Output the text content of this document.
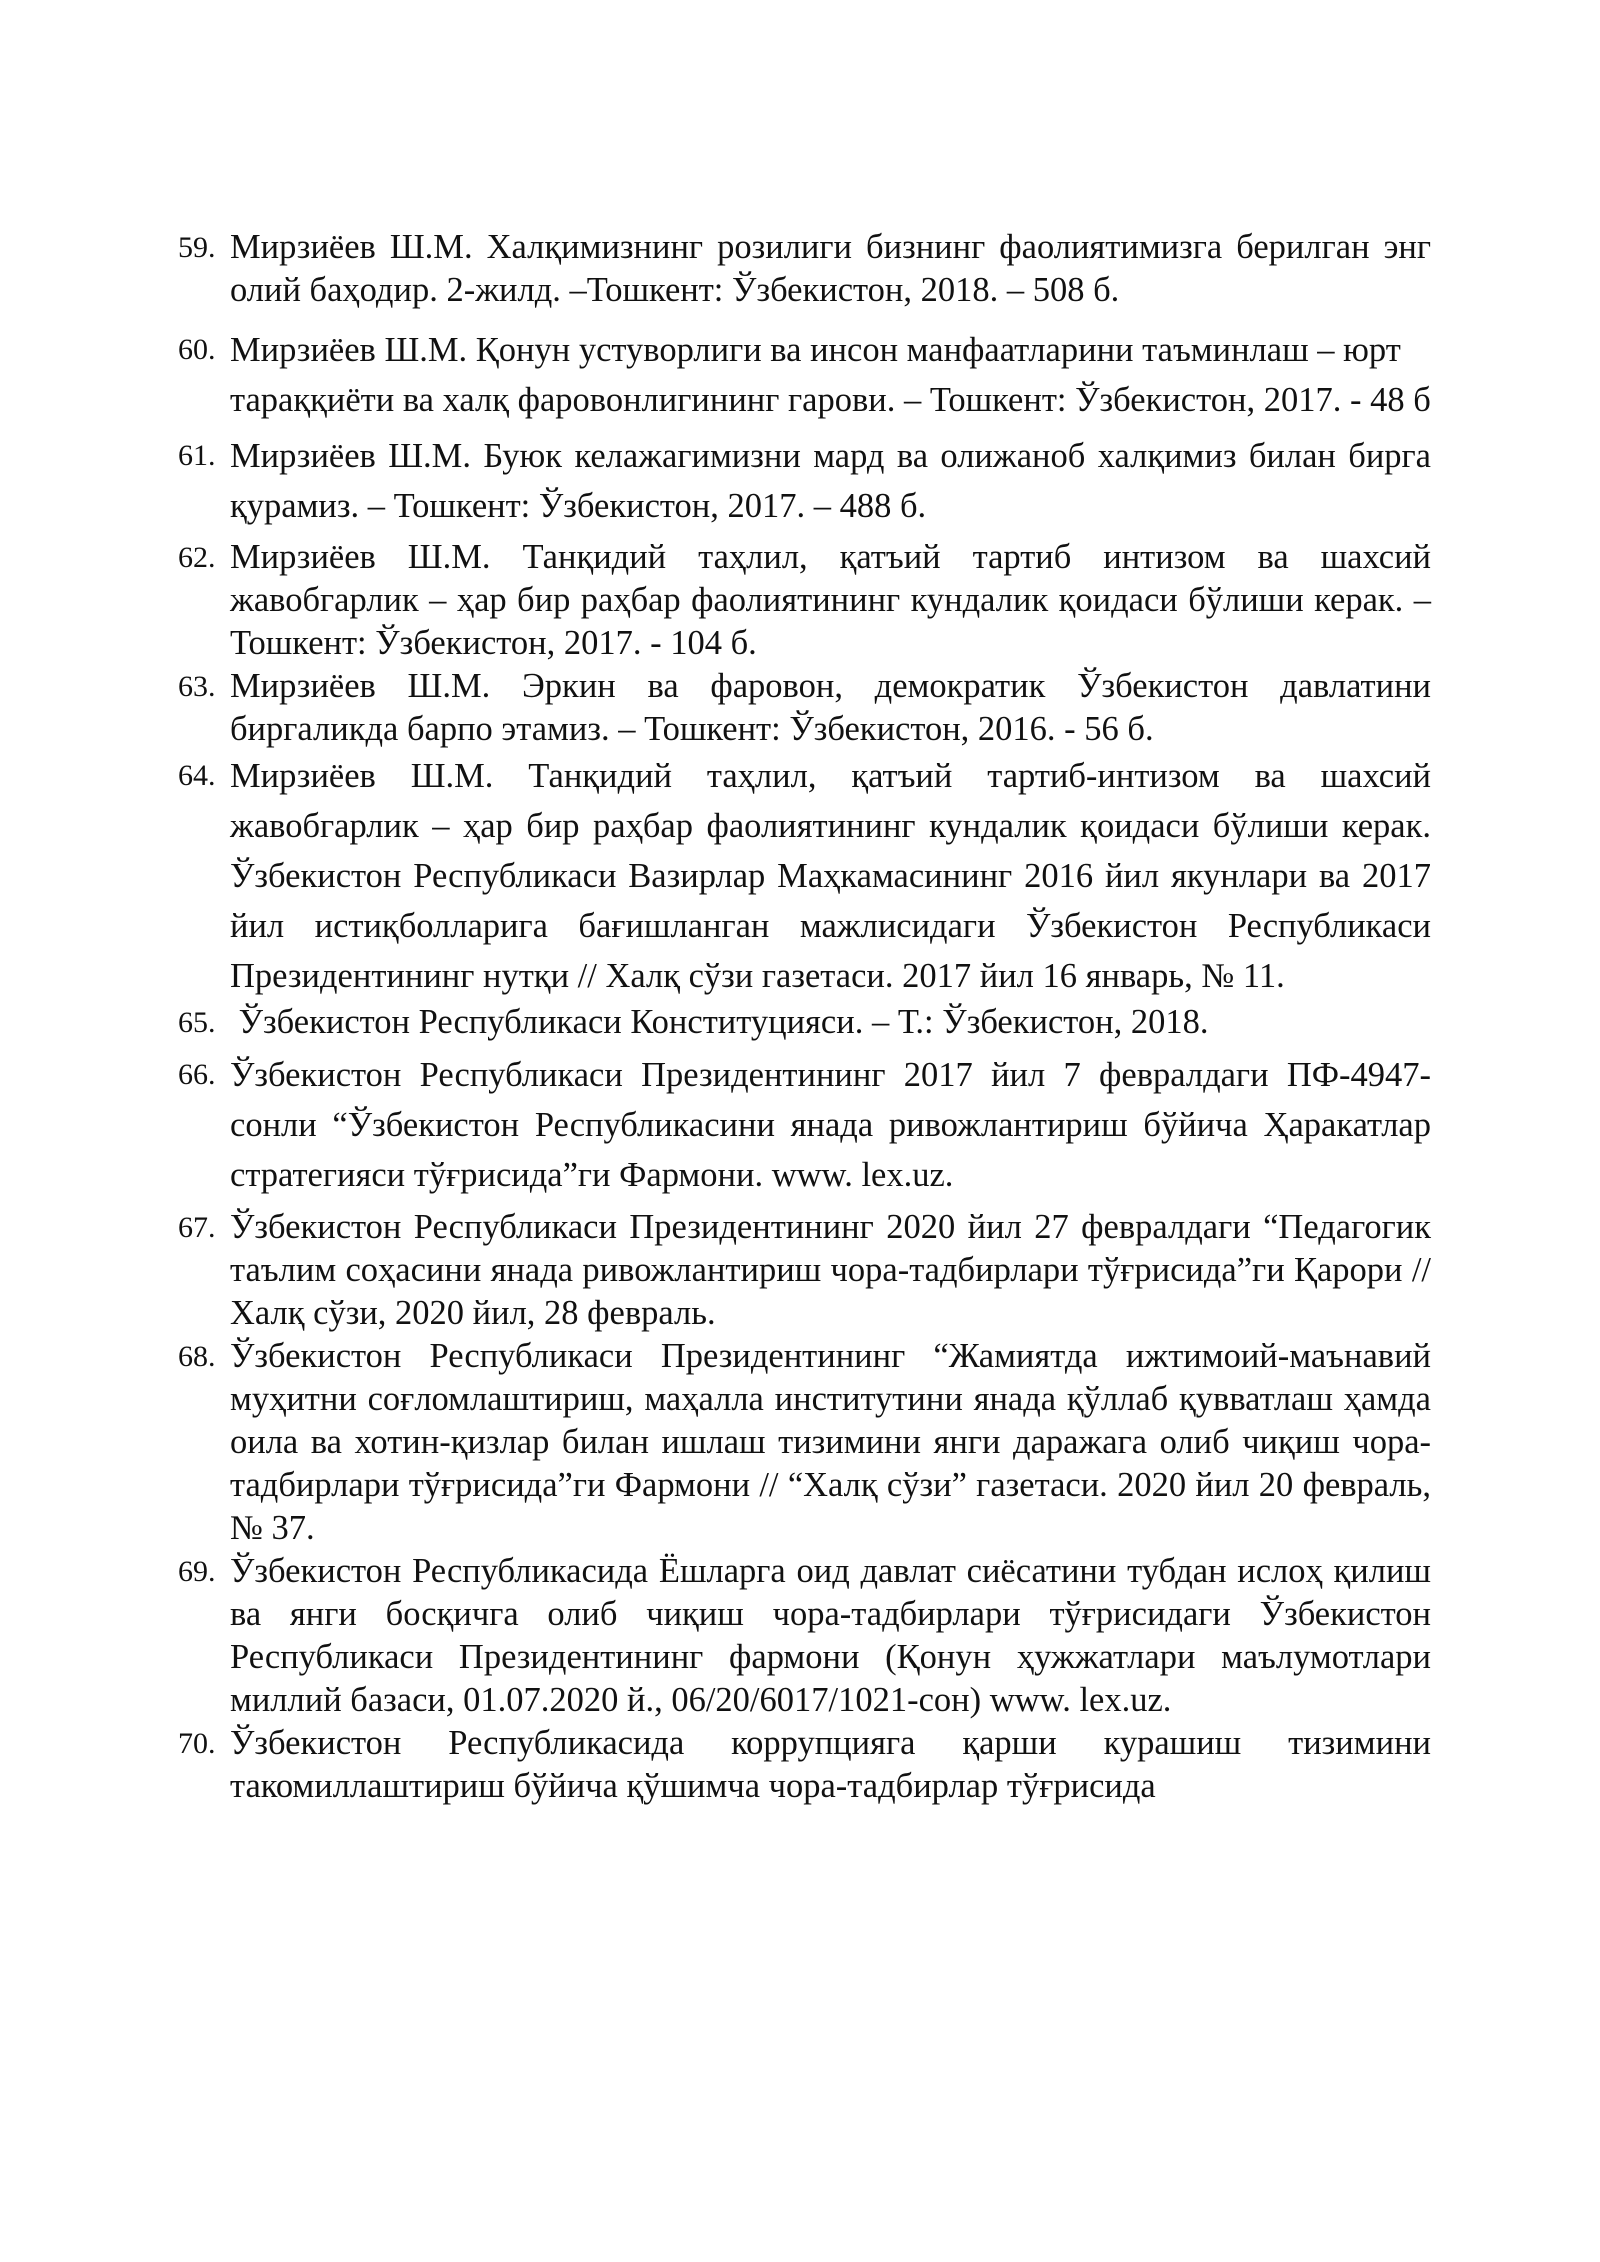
59. Мирзиёев Ш.М. Халқимизнинг розилиги бизнинг фаолиятимизга берилган энг олий баҳодир. 2-жилд. –Тошкент: Ўзбекистон, 2018. – 508 б.
60. Мирзиёев Ш.М. Қонун устуворлиги ва инсон манфаатларини таъминлаш – юрт тараққиёти ва халқ фаровонлигининг гарови. – Тошкент: Ўзбекистон, 2017. - 48 б
61. Мирзиёев Ш.М. Буюк келажагимизни мард ва олижаноб халқимиз билан бирга қурамиз. – Тошкент: Ўзбекистон, 2017. – 488 б.
62. Мирзиёев Ш.М. Танқидий таҳлил, қатъий тартиб интизом ва шахсий жавобгарлик – ҳар бир раҳбар фаолиятининг кундалик қоидаси бўлиши керак. – Тошкент: Ўзбекистон, 2017. - 104 б.
63. Мирзиёев Ш.М. Эркин ва фаровон, демократик Ўзбекистон давлатини биргаликда барпо этамиз. – Тошкент: Ўзбекистон, 2016. - 56 б.
64. Мирзиёев Ш.М. Танқидий таҳлил, қатъий тартиб-интизом ва шахсий жавобгарлик – ҳар бир раҳбар фаолиятининг кундалик қоидаси бўлиши керак. Ўзбекистон Республикаси Вазирлар Маҳкамасининг 2016 йил якунлари ва 2017 йил истиқболларига бағишланган мажлисидаги Ўзбекистон Республикаси Президентининг нутқи // Халқ сўзи газетаси. 2017 йил 16 январь, № 11.
65. Ўзбекистон Республикаси Конституцияси. – Т.: Ўзбекистон, 2018.
66. Ўзбекистон Республикаси Президентининг 2017 йил 7 февралдаги ПФ-4947-сонли “Ўзбекистон Республикасини янада ривожлантириш бўйича Ҳаракатлар стратегияси тўғрисида”ги Фармони. www. lex.uz.
67. Ўзбекистон Республикаси Президентининг 2020 йил 27 февралдаги “Педагогик таълим соҳасини янада ривожлантириш чора-тадбирлари тўғрисида”ги Қарори // Халқ сўзи, 2020 йил, 28 февраль.
68. Ўзбекистон Республикаси Президентининг “Жамиятда ижтимоий-маънавий муҳитни соғломлаштириш, маҳалла институтини янада қўллаб қувватлаш ҳамда оила ва хотин-қизлар билан ишлаш тизимини янги даражага олиб чиқиш чора-тадбирлари тўғрисида”ги Фармони // “Халқ сўзи” газетаси. 2020 йил 20 февраль, № 37.
69. Ўзбекистон Республикасида Ёшларга оид давлат сиёсатини тубдан ислоҳ қилиш ва янги босқичга олиб чиқиш чора-тадбирлари тўғрисидаги Ўзбекистон Республикаси Президентининг фармони (Қонун ҳужжатлари маълумотлари миллий базаси, 01.07.2020 й., 06/20/6017/1021-сон) www. lex.uz.
70. Ўзбекистон Республикасида коррупцияга қарши курашиш тизимини такомиллаштириш бўйича қўшимча чора-тадбирлар тўғрисида
